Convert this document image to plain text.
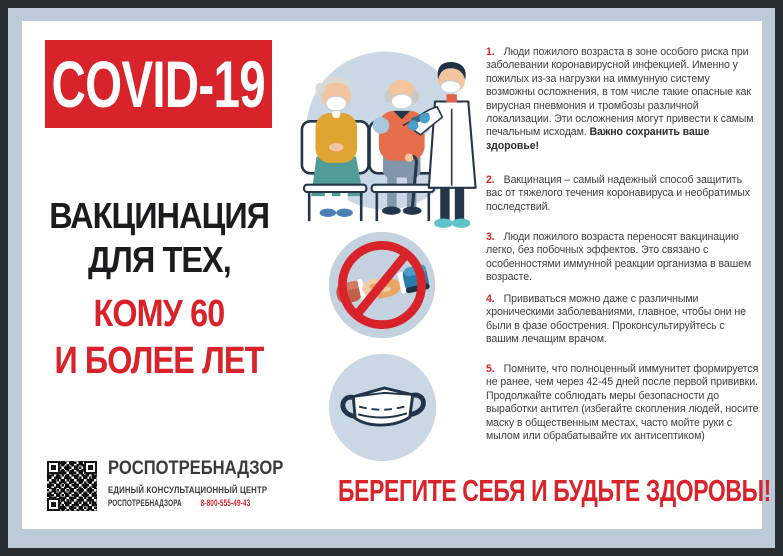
COVID-19
ВАКЦИНАЦИЯ
ДЛЯ ТЕХ,
КОМУ 60
И БОЛЕЕ ЛЕТ
РОСПОТРЕБНАДЗОР
ЕДИНЫЙ КОНСУЛЬТАЦИОННЫЙ ЦЕНТР
РОСПОТРЕБНАДЗОРА 8-800-555-49-43

1. Люди пожилого возраста в зоне особого риска при заболевании коронавирусной инфекцией. Именно у пожилых из-за нагрузки на иммунную систему возможны осложнения, в том числе такие опасные как вирусная пневмония и тромбозы различной локализации. Эти осложнения могут привести к самым печальным исходам. Важно сохранить ваше здоровье!

2. Вакцинация – самый надежный способ защитить вас от тяжелого течения коронавируса и необратимых последствий.

3. Люди пожилого возраста переносят вакцинацию легко, без побочных эффектов. Это связано с особенностями иммунной реакции организма в вашем возрасте.

4. Прививаться можно даже с различными хроническими заболеваниями, главное, чтобы они не были в фазе обострения. Проконсультируйтесь с вашим лечащим врачом.

5. Помните, что полноценный иммунитет формируется не ранее, чем через 42-45 дней после первой прививки. Продолжайте соблюдать меры безопасности до выработки антител (избегайте скопления людей, носите маску в общественным местах, часто мойте руки с мылом или обрабатывайте их антисептиком)

БЕРЕГИТЕ СЕБЯ И БУДЬТЕ ЗДОРОВЫ!
